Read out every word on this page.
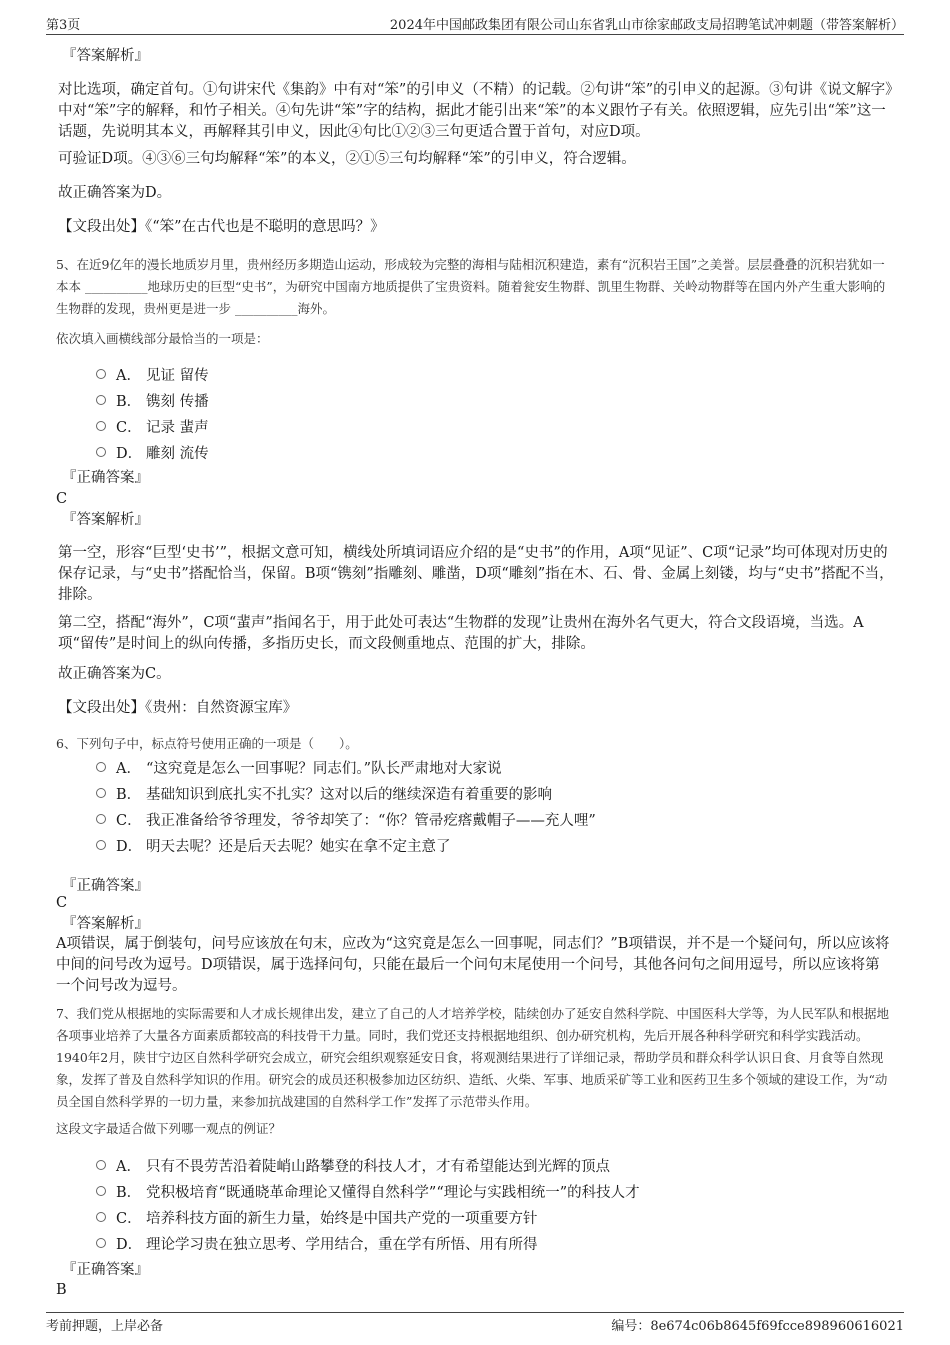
第3页	2024年中国邮政集团有限公司山东省乳山市徐家邮政支局招聘笔试冲刺题（带答案解析）
『答案解析』
对比选项，确定首句。①句讲宋代《集韵》中有对“笨”的引申义（不精）的记载。②句讲“笨”的引申义的起源。③句讲《说文解字》中对“笨”字的解释，和竹子相关。④句先讲“笨”字的结构，据此才能引出来“笨”的本义跟竹子有关。依照逻辑，应先引出“笨”这一话题，先说明其本义，再解释其引申义，因此④句比①②③三句更适合置于首句，对应D项。
可验证D项。④③⑥三句均解释“笨”的本义，②①⑤三句均解释“笨”的引申义，符合逻辑。
故正确答案为D。
【文段出处】《“笨”在古代也是不聪明的意思吗？》
5、在近9亿年的漫长地质岁月里，贵州经历多期造山运动，形成较为完整的海相与陆相沉积建造，素有“沉积岩王国”之美誉。层层叠叠的沉积岩犹如一本本 __________地球历史的巨型“史书”，为研究中国南方地质提供了宝贵资料。随着瓮安生物群、凯里生物群、关岭动物群等在国内外产生重大影响的生物群的发现，贵州更是进一步 __________海外。
依次填入画横线部分最恰当的一项是：
A． 见证 留传
B． 镌刻 传播
C． 记录 蜚声
D． 雕刻 流传
『正确答案』
C
『答案解析』
第一空，形容“巨型‘史书’”，根据文意可知，横线处所填词语应介绍的是“史书”的作用，A项“见证”、C项“记录”均可体现对历史的保存记录，与“史书”搭配恰当，保留。B项“镌刻”指雕刻、雕凿，D项“雕刻”指在木、石、骨、金属上刻镂，均与“史书”搭配不当，排除。
第二空，搭配“海外”，C项“蜚声”指闻名于，用于此处可表达“生物群的发现”让贵州在海外名气更大，符合文段语境，当选。A项“留传”是时间上的纵向传播，多指历史长，而文段侧重地点、范围的扩大，排除。
故正确答案为C。
【文段出处】《贵州：自然资源宝库》
6、下列句子中，标点符号使用正确的一项是（　　）。
A． “这究竟是怎么一回事呢？同志们。”队长严肃地对大家说
B． 基础知识到底扎实不扎实？这对以后的继续深造有着重要的影响
C． 我正准备给爷爷理发，爷爷却笑了：“你？管帚疙瘩戴帽子——充人哩”
D． 明天去呢？还是后天去呢？她实在拿不定主意了
『正确答案』
C
『答案解析』
A项错误，属于倒装句，问号应该放在句末，应改为“这究竟是怎么一回事呢，同志们？”B项错误，并不是一个疑问句，所以应该将中间的问号改为逗号。D项错误，属于选择问句，只能在最后一个问句末尾使用一个问号，其他各问句之间用逗号，所以应该将第一个问号改为逗号。
7、我们党从根据地的实际需要和人才成长规律出发，建立了自己的人才培养学校，陆续创办了延安自然科学院、中国医科大学等，为人民军队和根据地各项事业培养了大量各方面素质都较高的科技骨干力量。同时，我们党还支持根据地组织、创办研究机构，先后开展各种科学研究和科学实践活动。1940年2月，陕甘宁边区自然科学研究会成立，研究会组织观察延安日食，将观测结果进行了详细记录，帮助学员和群众科学认识日食、月食等自然现象，发挥了普及自然科学知识的作用。研究会的成员还积极参加边区纺织、造纸、火柴、军事、地质采矿等工业和医药卫生多个领域的建设工作，为“动员全国自然科学界的一切力量，来参加抗战建国的自然科学工作”发挥了示范带头作用。
这段文字最适合做下列哪一观点的例证？
A． 只有不畏劳苦沿着陡峭山路攀登的科技人才，才有希望能达到光辉的顶点
B． 党积极培育“既通晓革命理论又懂得自然科学”“理论与实践相统一”的科技人才
C． 培养科技方面的新生力量，始终是中国共产党的一项重要方针
D． 理论学习贵在独立思考、学用结合，重在学有所悟、用有所得
『正确答案』
B
考前押题，上岸必备	编号：8e674c06b8645f69fcce898960616021
